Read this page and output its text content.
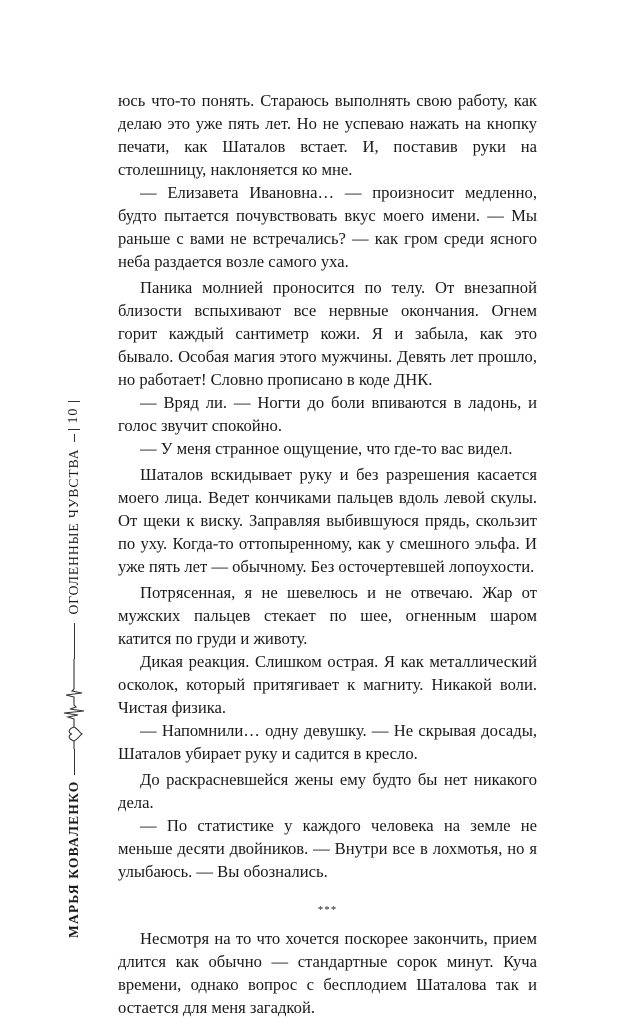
юсь что-то понять. Стараюсь выполнять свою работу, как делаю это уже пять лет. Но не успеваю нажать на кнопку печати, как Шаталов встает. И, поставив руки на столешницу, наклоняется ко мне.

— Елизавета Ивановна… — произносит медленно, будто пытается почувствовать вкус моего имени. — Мы раньше с вами не встречались? — как гром среди ясного неба раздается возле самого уха.

Паника молнией проносится по телу. От внезапной близости вспыхивают все нервные окончания. Огнем горит каждый сантиметр кожи. Я и забыла, как это бывало. Особая магия этого мужчины. Девять лет прошло, но работает! Словно прописано в коде ДНК.

— Вряд ли. — Ногти до боли впиваются в ладонь, и голос звучит спокойно.

— У меня странное ощущение, что где-то вас видел.

Шаталов вскидывает руку и без разрешения касается моего лица. Ведет кончиками пальцев вдоль левой скулы. От щеки к виску. Заправляя выбившуюся прядь, скользит по уху. Когда-то оттопыренному, как у смешного эльфа. И уже пять лет — обычному. Без осточертевшей лопоухости.

Потрясенная, я не шевелюсь и не отвечаю. Жар от мужских пальцев стекает по шее, огненным шаром катится по груди и животу.

Дикая реакция. Слишком острая. Я как металлический осколок, который притягивает к магниту. Никакой воли. Чистая физика.

— Напомнили… одну девушку. — Не скрывая досады, Шаталов убирает руку и садится в кресло.

До раскрасневшейся жены ему будто бы нет никакого дела.

— По статистике у каждого человека на земле не меньше десяти двойников. — Внутри все в лохмотья, но я улыбаюсь. — Вы обознались.

***

Несмотря на то что хочется поскорее закончить, прием длится как обычно — стандартные сорок минут. Куча времени, однако вопрос с бесплодием Шаталова так и остается для меня загадкой.

МАРЬЯ КОВАЛЕНКО
ОГОЛЕННЫЕ ЧУВСТВА
10
